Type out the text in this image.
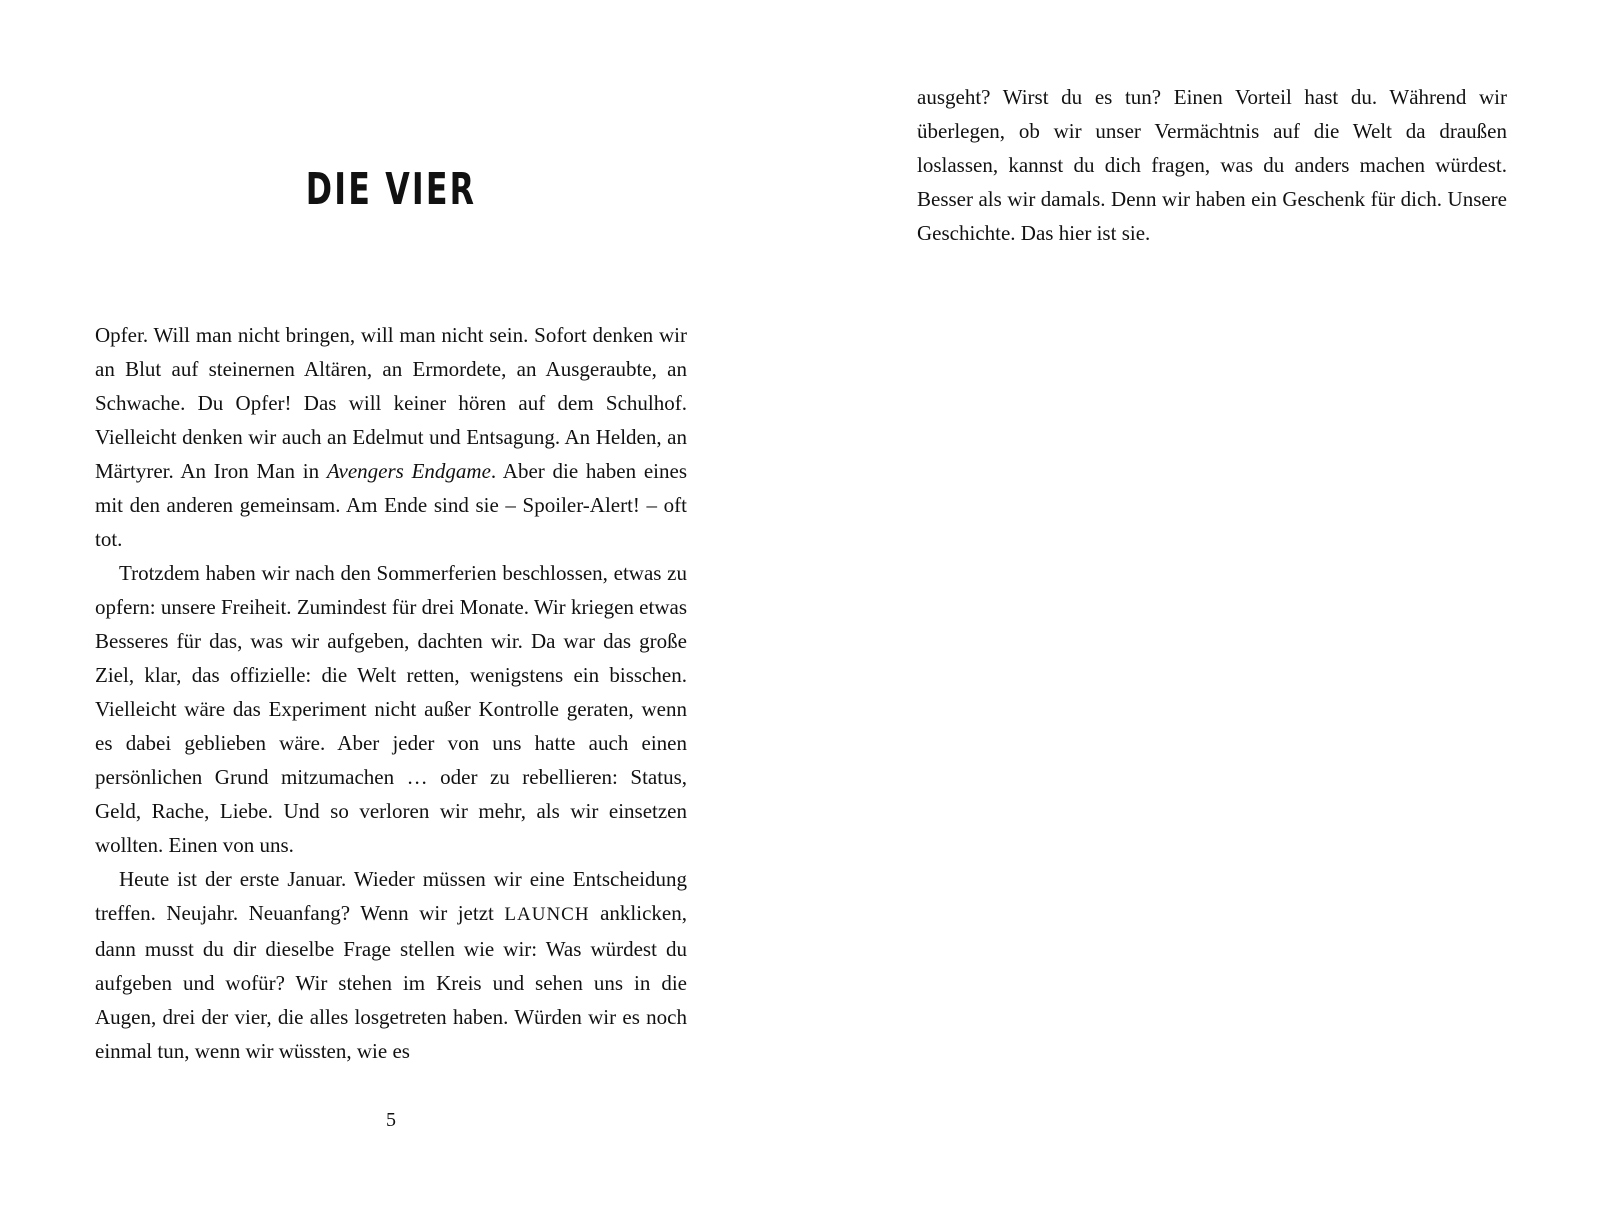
DIE VIER

Opfer. Will man nicht bringen, will man nicht sein. Sofort denken wir an Blut auf steinernen Altären, an Ermordete, an Ausgeraubte, an Schwache. Du Opfer! Das will keiner hören auf dem Schulhof. Vielleicht denken wir auch an Edelmut und Entsagung. An Helden, an Märtyrer. An Iron Man in Avengers Endgame. Aber die haben eines mit den anderen gemeinsam. Am Ende sind sie – Spoiler-Alert! – oft tot.

Trotzdem haben wir nach den Sommerferien beschlossen, etwas zu opfern: unsere Freiheit. Zumindest für drei Monate. Wir kriegen etwas Besseres für das, was wir aufgeben, dachten wir. Da war das große Ziel, klar, das offizielle: die Welt retten, wenigstens ein bisschen. Vielleicht wäre das Experiment nicht außer Kontrolle geraten, wenn es dabei geblieben wäre. Aber jeder von uns hatte auch einen persönlichen Grund mitzumachen … oder zu rebellieren: Status, Geld, Rache, Liebe. Und so verloren wir mehr, als wir einsetzen wollten. Einen von uns.

Heute ist der erste Januar. Wieder müssen wir eine Entscheidung treffen. Neujahr. Neuanfang? Wenn wir jetzt LAUNCH anklicken, dann musst du dir dieselbe Frage stellen wie wir: Was würdest du aufgeben und wofür? Wir stehen im Kreis und sehen uns in die Augen, drei der vier, die alles losgetreten haben. Würden wir es noch einmal tun, wenn wir wüssten, wie es

5

ausgeht? Wirst du es tun? Einen Vorteil hast du. Während wir überlegen, ob wir unser Vermächtnis auf die Welt da draußen loslassen, kannst du dich fragen, was du anders machen würdest. Besser als wir damals. Denn wir haben ein Geschenk für dich. Unsere Geschichte. Das hier ist sie.
